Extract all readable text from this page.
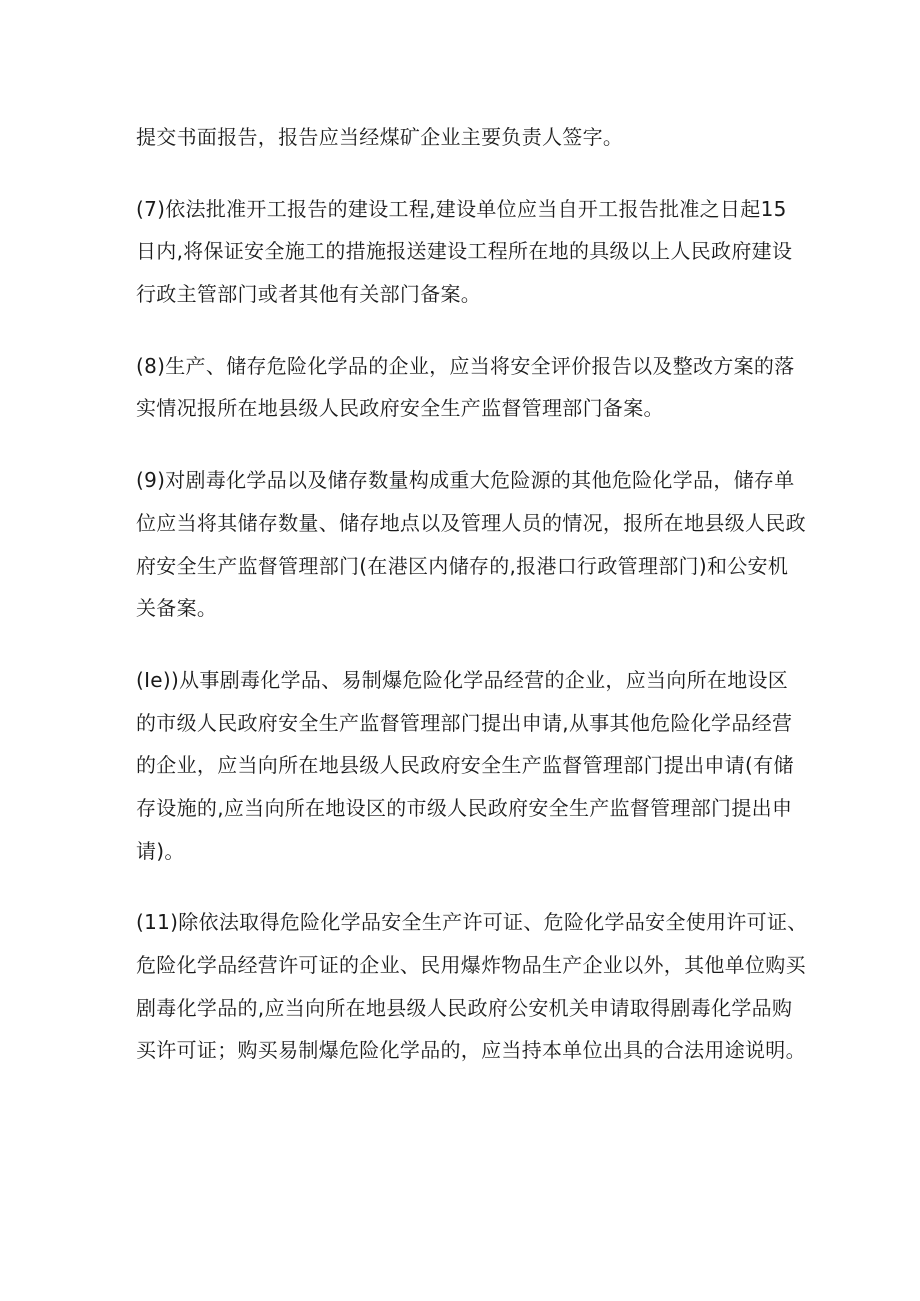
提交书面报告，报告应当经煤矿企业主要负责人签字。

(7)依法批准开工报告的建设工程,建设单位应当自开工报告批准之日起15
日内,将保证安全施工的措施报送建设工程所在地的具级以上人民政府建设
行政主管部门或者其他有关部门备案。

(8)生产、储存危险化学品的企业，应当将安全评价报告以及整改方案的落
实情况报所在地县级人民政府安全生产监督管理部门备案。

(9)对剧毒化学品以及储存数量构成重大危险源的其他危险化学品，储存单
位应当将其储存数量、储存地点以及管理人员的情况，报所在地县级人民政
府安全生产监督管理部门(在港区内储存的,报港口行政管理部门)和公安机
关备案。

(Ie))从事剧毒化学品、易制爆危险化学品经营的企业，应当向所在地设区
的市级人民政府安全生产监督管理部门提出申请,从事其他危险化学品经营
的企业，应当向所在地县级人民政府安全生产监督管理部门提出申请(有储
存设施的,应当向所在地设区的市级人民政府安全生产监督管理部门提出申
请)。

(11)除依法取得危险化学品安全生产许可证、危险化学品安全使用许可证、
危险化学品经营许可证的企业、民用爆炸物品生产企业以外，其他单位购买
剧毒化学品的,应当向所在地县级人民政府公安机关申请取得剧毒化学品购
买许可证；购买易制爆危险化学品的，应当持本单位出具的合法用途说明。
